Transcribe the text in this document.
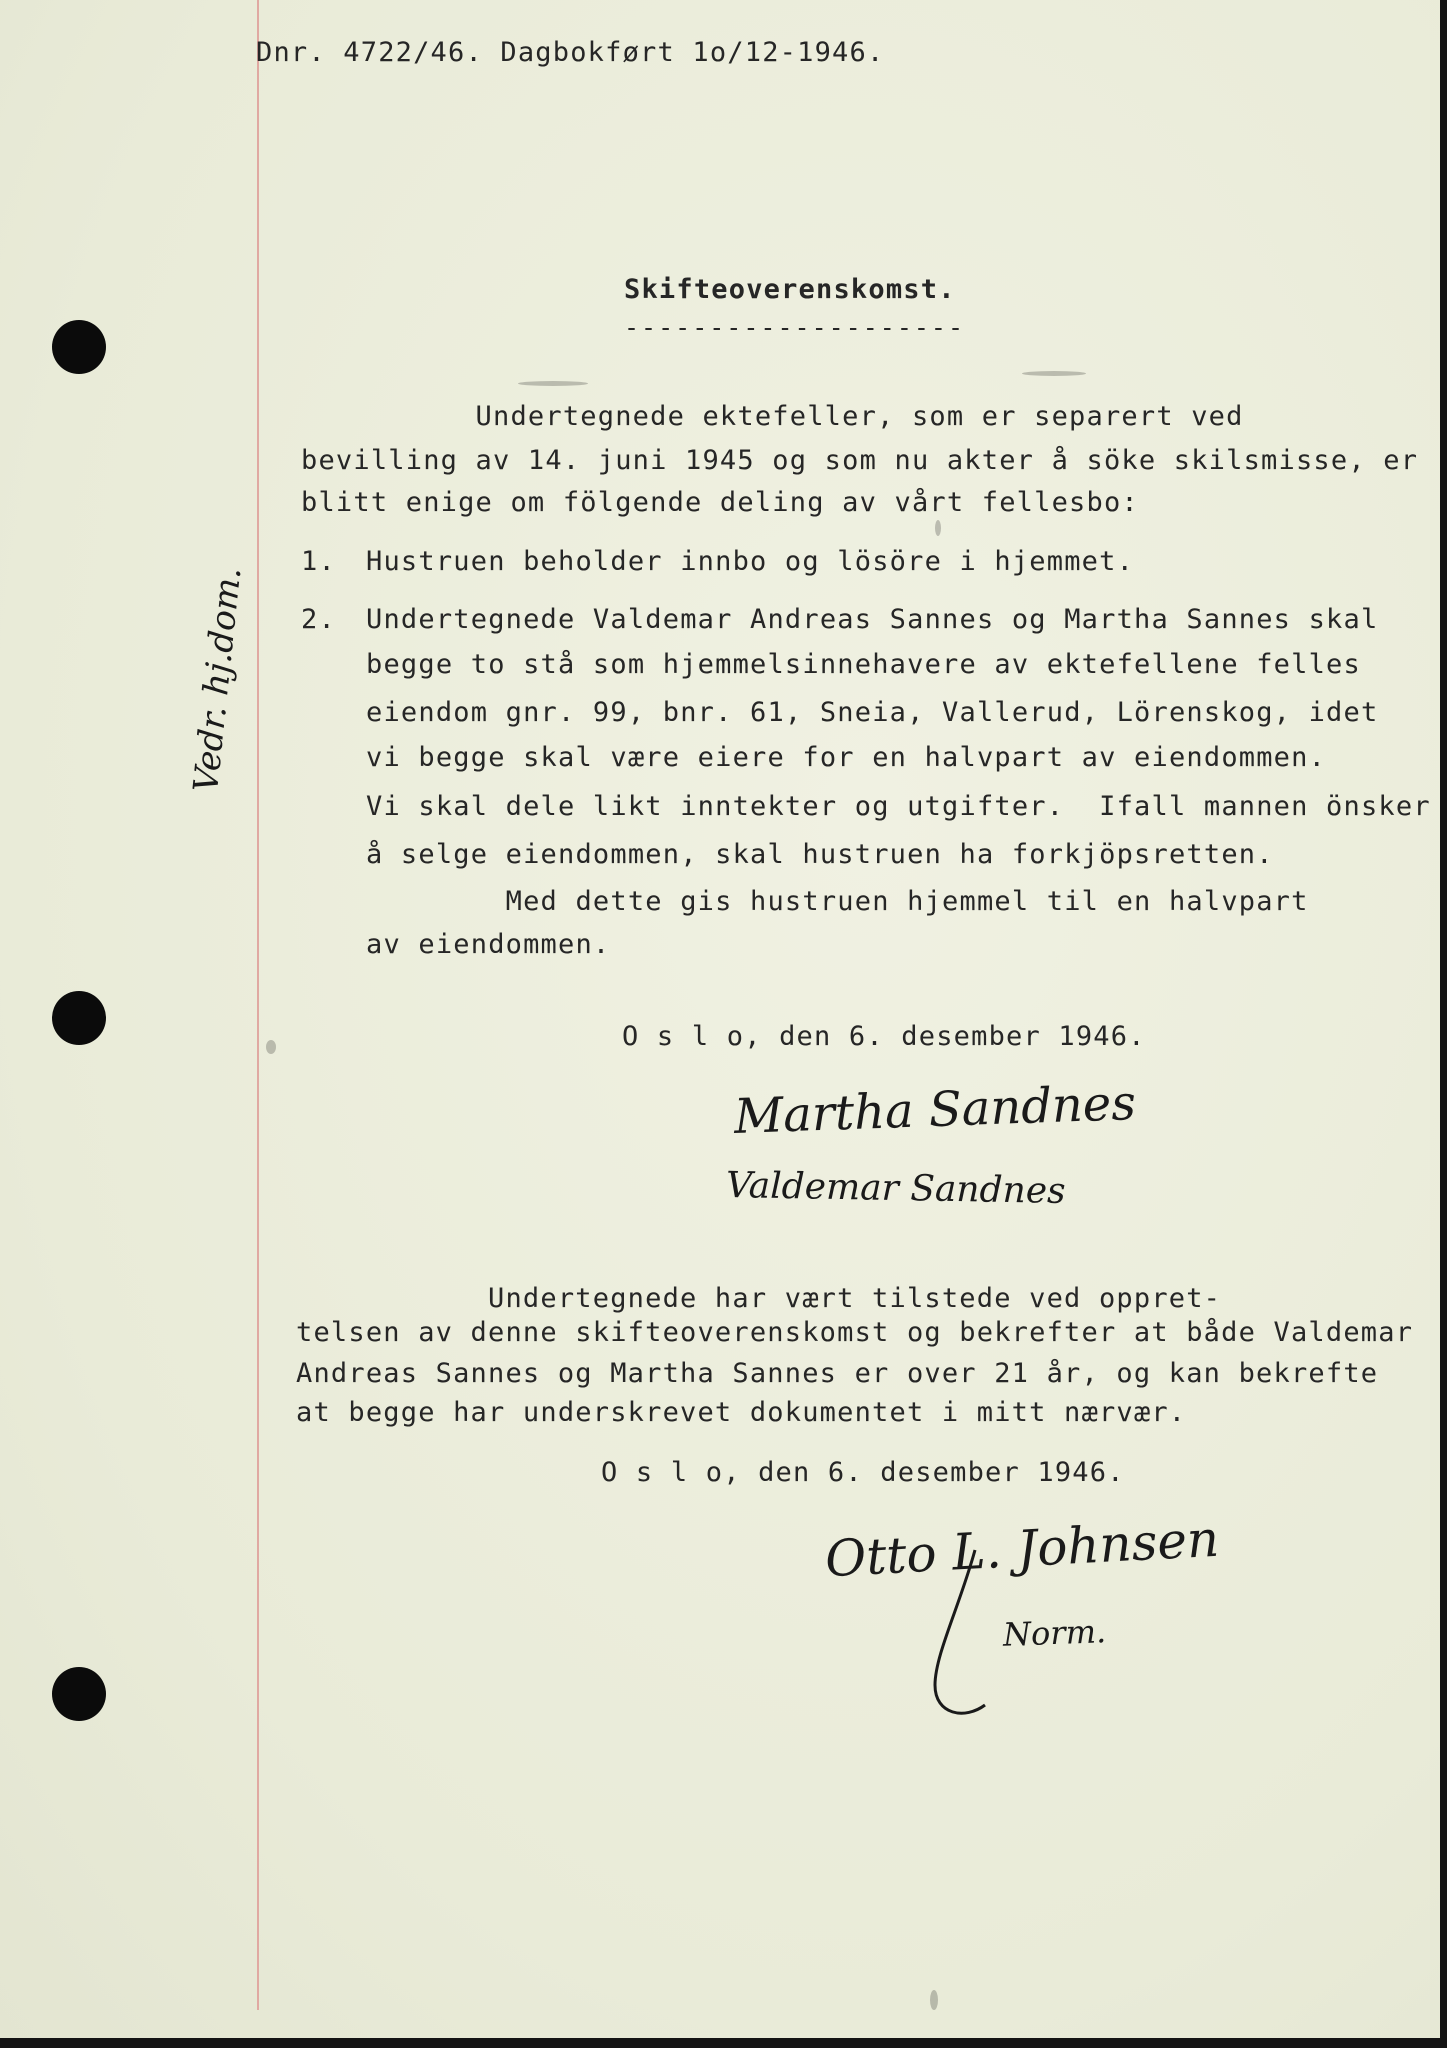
Dnr. 4722/46. Dagbokført 1o/12-1946.

Skifteoverenskomst.

--------------------

Undertegnede ektefeller, som er separert ved

bevilling av 14. juni 1945 og som nu akter å söke skilsmisse, er

blitt enige om fölgende deling av vårt fellesbo:

1. Hustruen beholder innbo og lösöre i hjemmet.

2. Undertegnede Valdemar Andreas Sannes og Martha Sannes skal

begge to stå som hjemmelsinnehavere av ektefellene felles

eiendom gnr. 99, bnr. 61, Sneia, Vallerud, Lörenskog, idet

vi begge skal være eiere for en halvpart av eiendommen.

Vi skal dele likt inntekter og utgifter.  Ifall mannen önsker

å selge eiendommen, skal hustruen ha forkjöpsretten.

Med dette gis hustruen hjemmel til en halvpart

av eiendommen.

O s l o, den 6. desember 1946.

Martha Sandnes
Valdemar Sandnes

Undertegnede har vært tilstede ved oppret-

telsen av denne skifteoverenskomst og bekrefter at både Valdemar

Andreas Sannes og Martha Sannes er over 21 år, og kan bekrefte

at begge har underskrevet dokumentet i mitt nærvær.

O s l o, den 6. desember 1946.

Otto L. Johnsen
Norm.
Vedr. hj.dom.
